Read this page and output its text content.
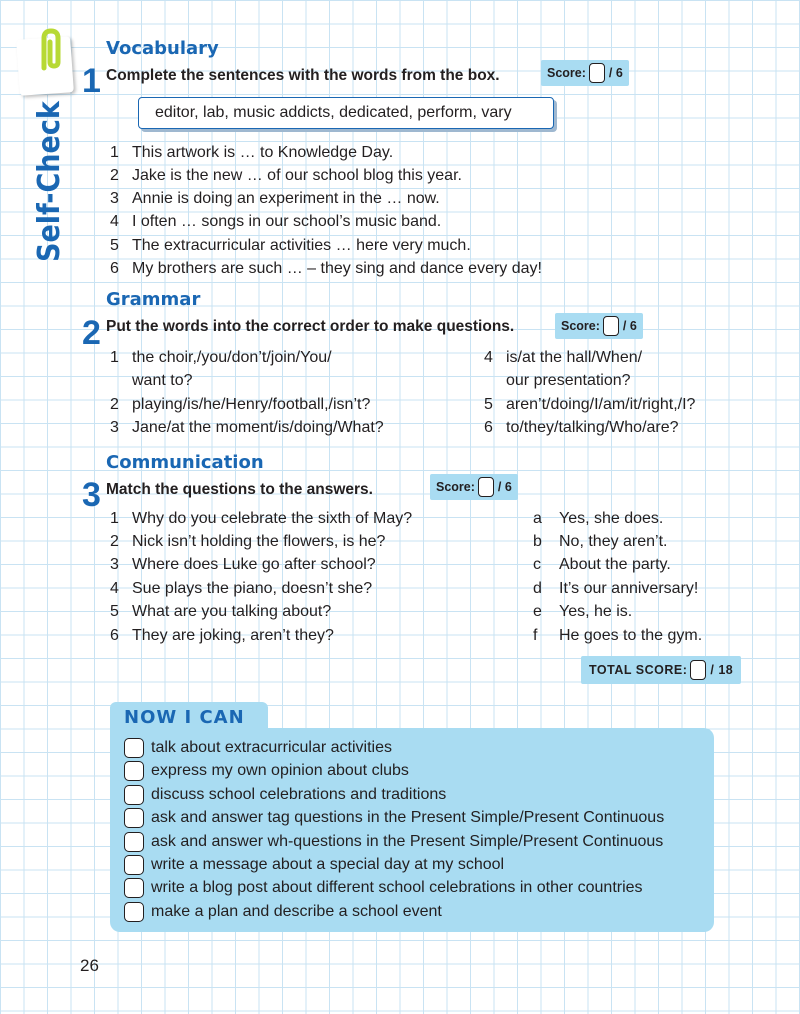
Self-Check
Vocabulary
1 Complete the sentences with the words from the box.	Score: / 6
editor, lab, music addicts, dedicated, perform, vary
1 This artwork is … to Knowledge Day.
2 Jake is the new … of our school blog this year.
3 Annie is doing an experiment in the … now.
4 I often … songs in our school’s music band.
5 The extracurricular activities … here very much.
6 My brothers are such … – they sing and dance every day!
Grammar
2 Put the words into the correct order to make questions.	Score: / 6
1 the choir,/you/don’t/join/You/
want to?
2 playing/is/he/Henry/football,/isn’t?
3 Jane/at the moment/is/doing/What?
4 is/at the hall/When/
our presentation?
5 aren’t/doing/I/am/it/right,/I?
6 to/they/talking/Who/are?
Communication
3 Match the questions to the answers.	Score: / 6
1 Why do you celebrate the sixth of May?
2 Nick isn’t holding the flowers, is he?
3 Where does Luke go after school?
4 Sue plays the piano, doesn’t she?
5 What are you talking about?
6 They are joking, aren’t they?
a Yes, she does.
b No, they aren’t.
c About the party.
d It’s our anniversary!
e Yes, he is.
f He goes to the gym.
TOTAL SCORE: / 18
NOW I CAN
talk about extracurricular activities
express my own opinion about clubs
discuss school celebrations and traditions
ask and answer tag questions in the Present Simple/Present Continuous
ask and answer wh-questions in the Present Simple/Present Continuous
write a message about a special day at my school
write a blog post about different school celebrations in other countries
make a plan and describe a school event
26
